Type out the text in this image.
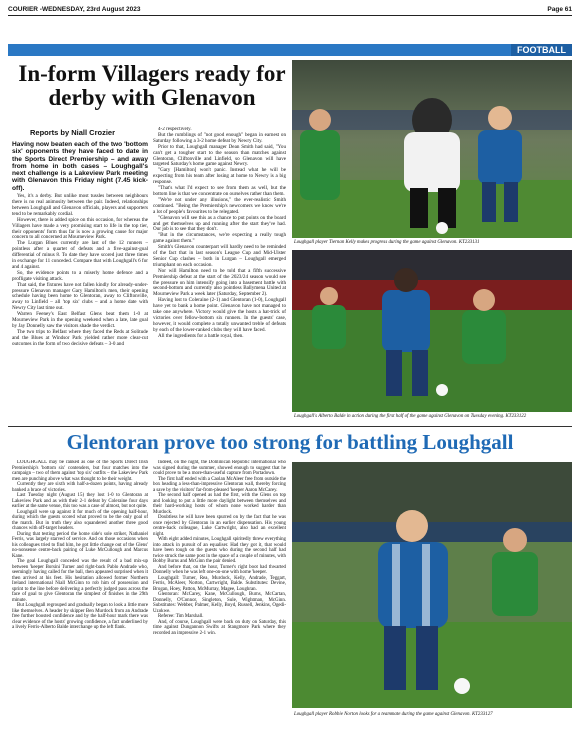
COURIER -WEDNESDAY, 23rd August 2023	Page 61
FOOTBALL
In-form Villagers ready for derby with Glenavon
Reports by Niall Crozier

Having now beaten each of the two 'bottom six' opponents they have faced to date in the Sports Direct Premiership – and away from home in both cases – Loughgall's next challenge is a Lakeview Park meeting with Glenavon this Friday night (7.45 kick-off).

Yes, it's a derby. But unlike most tussles between neighbours there is no real animosity between the pair. Indeed, relationships between Loughgall and Glenavon officials, players and supporters tend to be remarkably cordial.

However, there is added spice on this occasion, for whereas the Villagers have made a very promising start to life in the top tier, their opponents' form thus far is now a growing cause for major concern to all concerned at Mourneview Park.

The Lurgan Blues currently are last of the 12 runners – pointless after a quartet of defeats and a five-against-goal differential of minus 8. To date they have scored just three times in exchange for 11 conceded. Compare that with Loughgall's 6 for and 4 against.

So, the evidence points to a miserly home defence and a profligate visiting attack.

That said, the fixtures have not fallen kindly for already-under-pressure Glenavon manager Gary Hamilton's men, their opening schedule having been home to Glentoran, away to Cliftonville, away to Linfield – all 'top six' clubs – and a home date with Newry City last time out.

Warren Feeney's East Belfast Glens beat them 1-0 at Mourneview Park in the opening weekend when a late, late goal by Jay Donnelly saw the visitors shade the verdict.

The two trips to Belfast where they faced the Reds at Solitude and the Blues at Windsor Park yielded rather more clear-cut outcomes in the form of two decisive defeats – 3-0 and

4-2 respectively.

But the rumblings of "not good enough" began in earnest on Saturday following a 3-2 home defeat by Newry City.

Prior to that, Loughgall manager Dean Smith had said, "You can't get a tougher start to the season than matches against Glentoran, Cliftonville and Linfield, so Glenavon will have targeted Saturday's home game against Newry.

"Gary [Hamilton] won't panic. Instead what he will be expecting from his team after losing at home to Newry is a big response.

"That's what I'd expect to see from them as well, but the bottom line is that we concentrate on ourselves rather than them.

"We're not under any illusions," the ever-realistic Smith continued. "Being the Premiership's newcomers we know we're a lot of people's favourites to be relegated.

"Glenavon will see this as a chance to put points on the board and get themselves up and running after the start they've had. Our job is to see that they don't.

"But in the circumstances, we're expecting a really tough game against them."

Smith's Glenavon counterpart will hardly need to be reminded of the fact that in last season's League Cup and Mid-Ulster Senior Cup clashes – both in Lurgan – Loughgall emerged triumphant on each occasion.

Nor will Hamilton need to be told that a fifth successive Premiership defeat at the start of the 2023/24 season would see the pressure on him intensify going into a basement battle with second-bottom and currently also pointless Ballymena United at Mourneview Park a week later (Saturday, September 2).

Having lost to Coleraine (2-1) and Glentoran (1-0), Loughgall have yet to bank a home point. Glenavon have not managed to take one anywhere. Victory would give the hosts a hat-trick of victories over fellow-bottom six runners. In the guests' case, however, it would complete a totally unwanted treble of defeats by each of the lower-ranked clubs they will have faced.

All the ingredients for a battle royal, then.

Loughgall player Tiernan Kelly makes progress during the game against Glenavon. KT233131
Loughgall's Alberto Balde in action during the first half of the game against Glenavon on Tuesday evening. KT233122
Glentoran prove too strong for battling Loughgall

LOUGHGALL may be ranked as one of the Sports Direct Irish Premiership's 'bottom six' contenders, but four matches into the campaign – two of them against 'top six' outfits – the Lakeview Park men are punching above what was thought to be their weight.

Currently they are sixth with half-a-dozen points, having already banked a brace of victories.

Last Tuesday night (August 15) they lost 1-0 to Glentoran at Lakeview Park and as with their 2-1 defeat by Coleraine four days earlier at the same venue, this too was a case of almost, but not quite.

Loughgall were up against it for much of the opening half-hour, during which the guests scored what proved to be the only goal of the match. But in truth they also squandered another three good chances with off-target headers.

During that testing period the home side's sole striker, Nathaniel Ferris, was largely starved of service. And on those occasions when his colleagues tried to find him, he got little change out of the Glens' no-nonsense centre-back pairing of Luke McCullough and Marcus Kane.

The goal Loughgall conceded was the result of a bad mix-up between 'keeper Borsini Turner and right-back Pablo Andrade who, seemingly having called for the ball, then appeared surprised when it then arrived at his feet. His hesitation allowed former Northern Ireland international Niall McGinn to rob him of possession and sprint to the line before delivering a perfectly judged pass across the face of goal to give Glentoran the simplest of finishes in the 29th minute.

But Loughgall regrouped and gradually began to look a little more like themselves. A header by skipper Ben Murdock from an Andrade free further boosted confidence and by the half-hour mark there was clear evidence of the hosts' growing confidence, a fact underlined by a lively Ferris-Alberto Balde interchange up the left flank.

Indeed, on the night, the Dominican Republic international who was signed during the summer, showed enough to suggest that he could prove to be a more-than-useful capture from Portadown.

The first half ended with a Caolan McAleer free from outside the box heading a less-than-impressive Glentoran wall, thereby forcing a save by the visitors' far-from-pleased 'keeper Aaron McCarey.

The second half opened as had the first, with the Glens on top and looking to put a little more daylight between themselves and their hard-working hosts of whom none worked harder than Murdock.

Doubtless he will have been spurred on by the fact that he was once rejected by Glentoran in an earlier dispensation. His young centre-back colleague, Luke Cartwright, also had an excellent night.

With eight added minutes, Loughgall spiritedly threw everything into attack in pursuit of an equaliser. Had they got it, that would have been tough on the guests who during the second half had twice struck the same post in the space of a couple of minutes, with Bobby Burns and McGinn the pair denied.

And before that, on the hour, Turner's right boot had thwarted Donnelly when he was left one-on-one with home 'keeper.

Loughgall: Turner, Rea, Murdock, Kelly, Andrade, Teggart, Ferris, McAleer, Norton, Cartwright, Balde. Substitutes: Devine, Brogan, Hoey, Patton, McMurray, Magee, Loughran.

Glentoran: McCarey, Kane, McCullough, Burns, McCartan, Donnelly, O'Connor, Singleton, Sule, Wightman, McGinn. Substitutes: Webber, Palmer, Kelly, Boyd, Russell, Jenkins, Ogedi-Uzokwe.

Referee: Tim Marshall.

And, of course, Loughgall were back on duty on Saturday, this time against Dungannon Swifts at Stangmore Park where they recorded an impressive 2-1 win.

Loughgall player Robbie Norton looks for a teammate during the game against Glenavon. KT233127
